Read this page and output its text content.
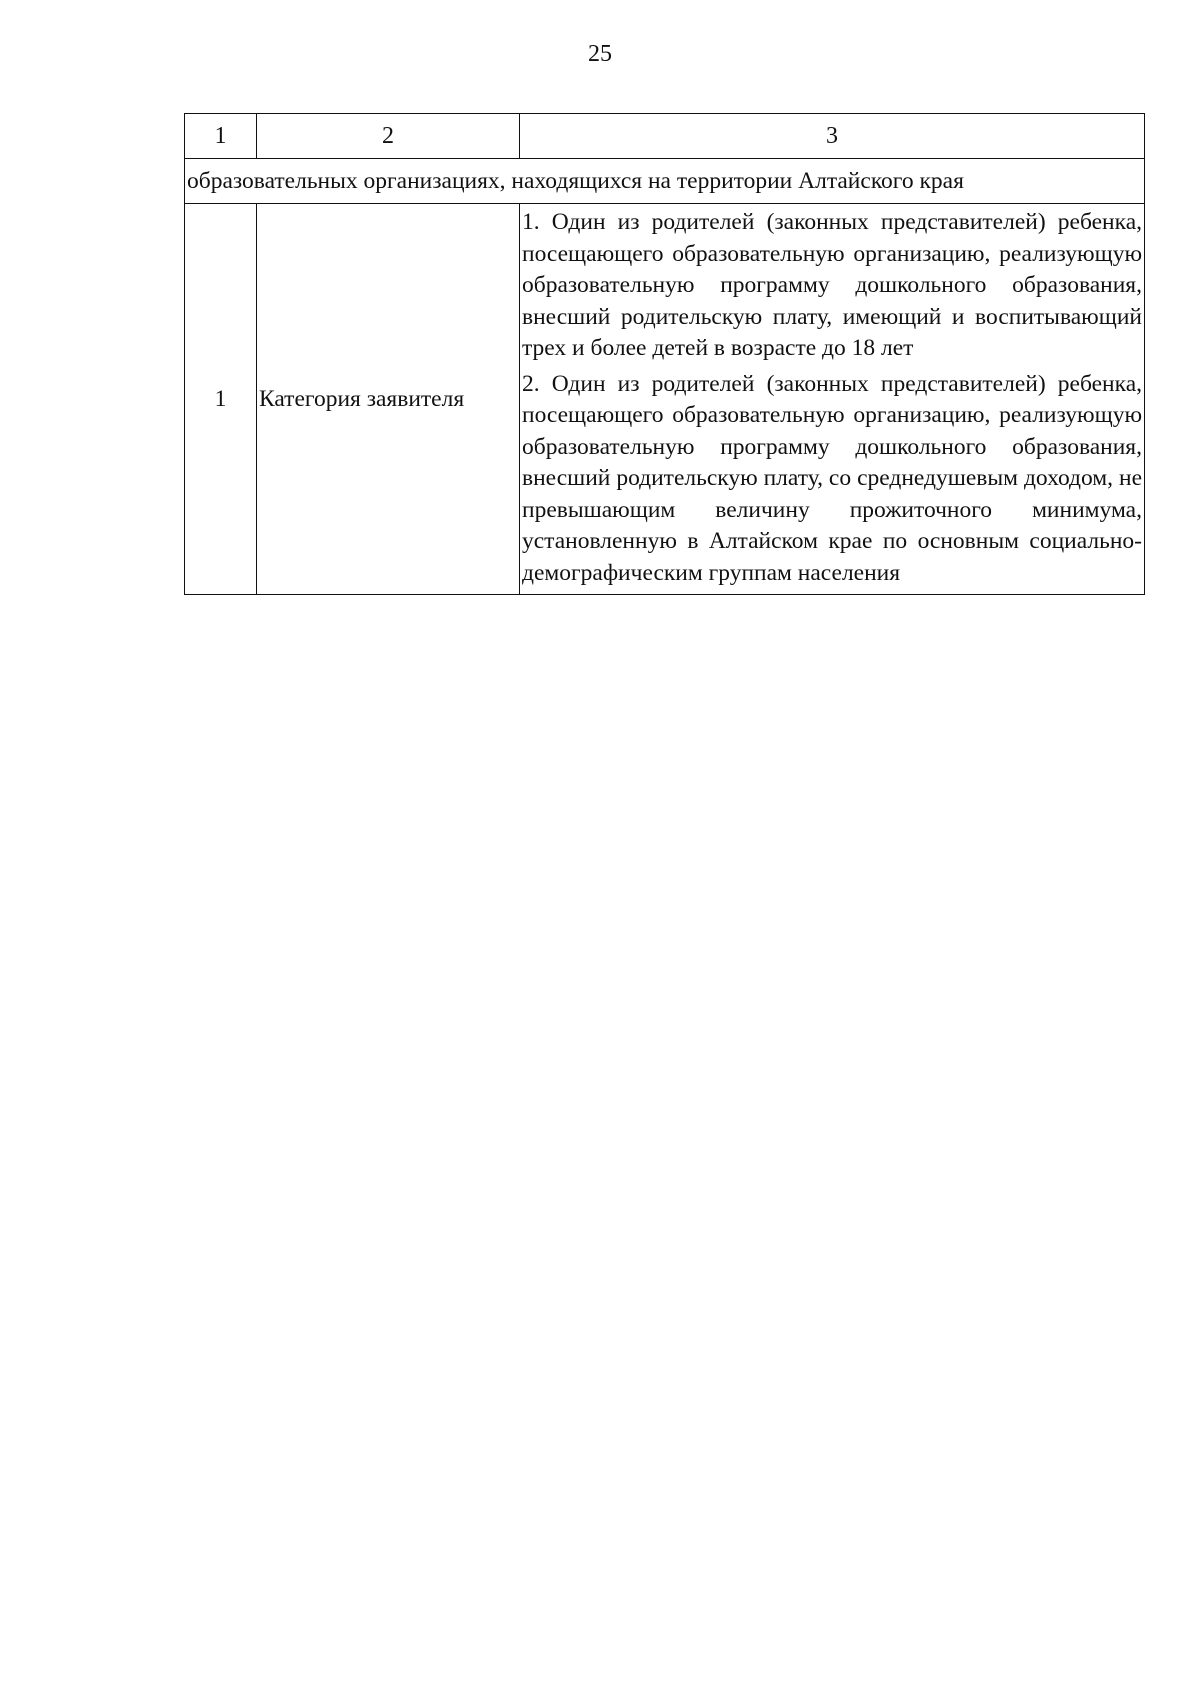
25
1	2	3
образовательных организациях, находящихся на территории Алтайского края		
1	Категория заявителя	1. Один из родителей (законных представителей) ребенка, посещающего образовательную организацию, реализующую образовательную программу дошкольного образования, внесший родительскую плату, имеющий и воспитывающий трех и более детей в возрасте до 18 лет
2. Один из родителей (законных представителей) ребенка, посещающего образовательную организацию, реализующую образовательную программу дошкольного образования, внесший родительскую плату, со среднедушевым доходом, не превышающим величину прожиточного минимума, установленную в Алтайском крае по основным социально-демографическим группам населения
